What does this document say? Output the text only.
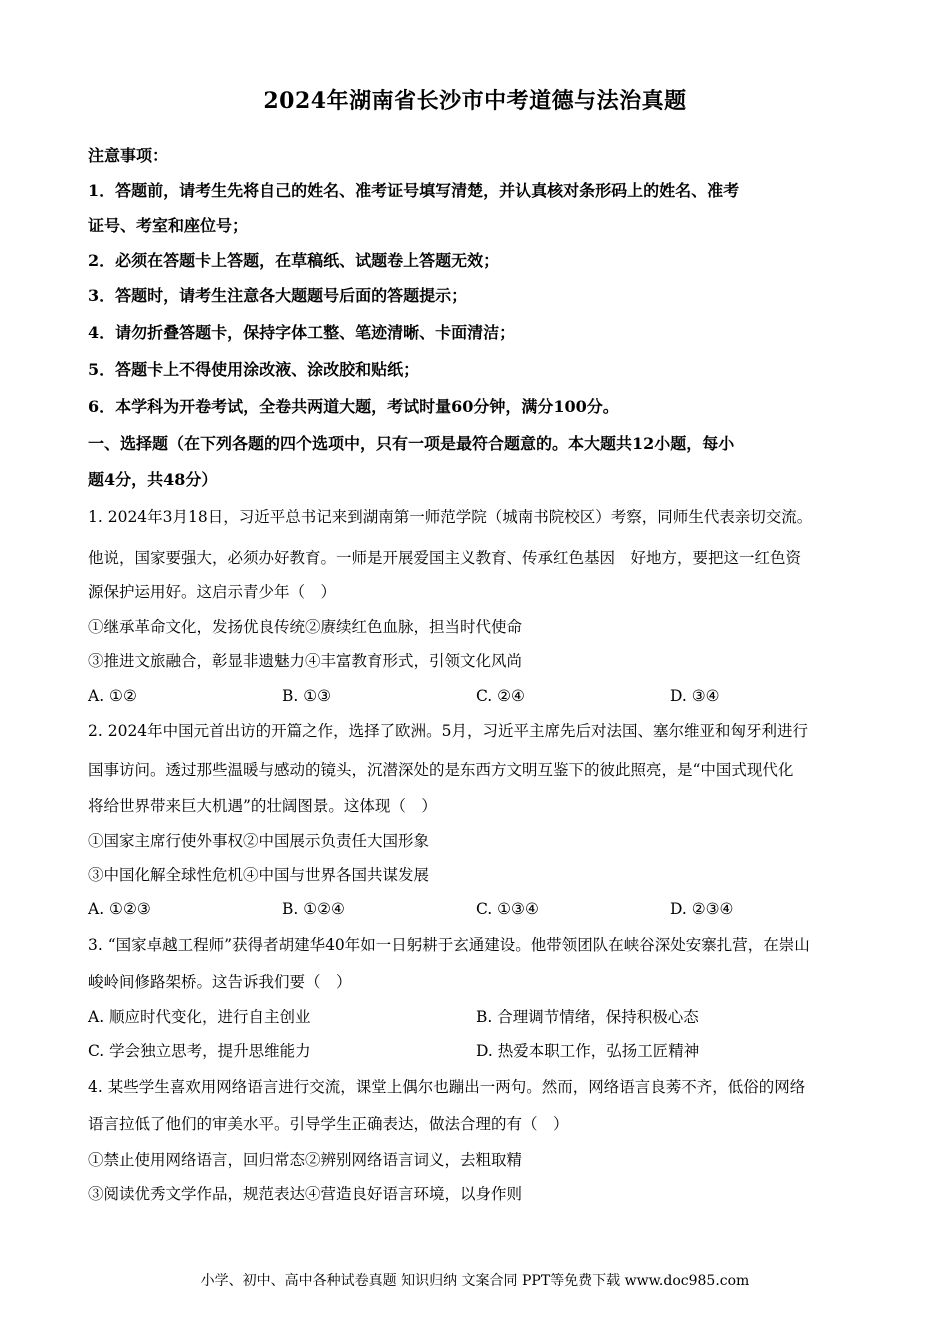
2024年湖南省长沙市中考道德与法治真题
注意事项：
1．答题前，请考生先将自己的姓名、准考证号填写清楚，并认真核对条形码上的姓名、准考
证号、考室和座位号；
2．必须在答题卡上答题，在草稿纸、试题卷上答题无效；
3．答题时，请考生注意各大题题号后面的答题提示；
4．请勿折叠答题卡，保持字体工整、笔迹清晰、卡面清洁；
5．答题卡上不得使用涂改液、涂改胶和贴纸；
6．本学科为开卷考试，全卷共两道大题，考试时量60分钟，满分100分。
一、选择题（在下列各题的四个选项中，只有一项是最符合题意的。本大题共12小题，每小
题4分，共48分）
1. 2024年3月18日，习近平总书记来到湖南第一师范学院（城南书院校区）考察，同师生代表亲切交流。
他说，国家要强大，必须办好教育。一师是开展爱国主义教育、传承红色基因　好地方，要把这一红色资
源保护运用好。这启示青少年（　）
①继承革命文化，发扬优良传统②赓续红色血脉，担当时代使命
③推进文旅融合，彰显非遗魅力④丰富教育形式，引领文化风尚
A. ①②	B. ①③	C. ②④	D. ③④
2. 2024年中国元首出访的开篇之作，选择了欧洲。5月，习近平主席先后对法国、塞尔维亚和匈牙利进行
国事访问。透过那些温暖与感动的镜头，沉潜深处的是东西方文明互鉴下的彼此照亮，是“中国式现代化
将给世界带来巨大机遇”的壮阔图景。这体现（　）
①国家主席行使外事权②中国展示负责任大国形象
③中国化解全球性危机④中国与世界各国共谋发展
A. ①②③	B. ①②④	C. ①③④	D. ②③④
3. “国家卓越工程师”获得者胡建华40年如一日躬耕于玄通建设。他带领团队在峡谷深处安寨扎营，在崇山
峻岭间修路架桥。这告诉我们要（　）
A. 顺应时代变化，进行自主创业	B. 合理调节情绪，保持积极心态
C. 学会独立思考，提升思维能力	D. 热爱本职工作，弘扬工匠精神
4. 某些学生喜欢用网络语言进行交流，课堂上偶尔也蹦出一两句。然而，网络语言良莠不齐，低俗的网络
语言拉低了他们的审美水平。引导学生正确表达，做法合理的有（　）
①禁止使用网络语言，回归常态②辨别网络语言词义，去粗取精
③阅读优秀文学作品，规范表达④营造良好语言环境，以身作则
小学、初中、高中各种试卷真题 知识归纳 文案合同 PPT等免费下载 www.doc985.com
